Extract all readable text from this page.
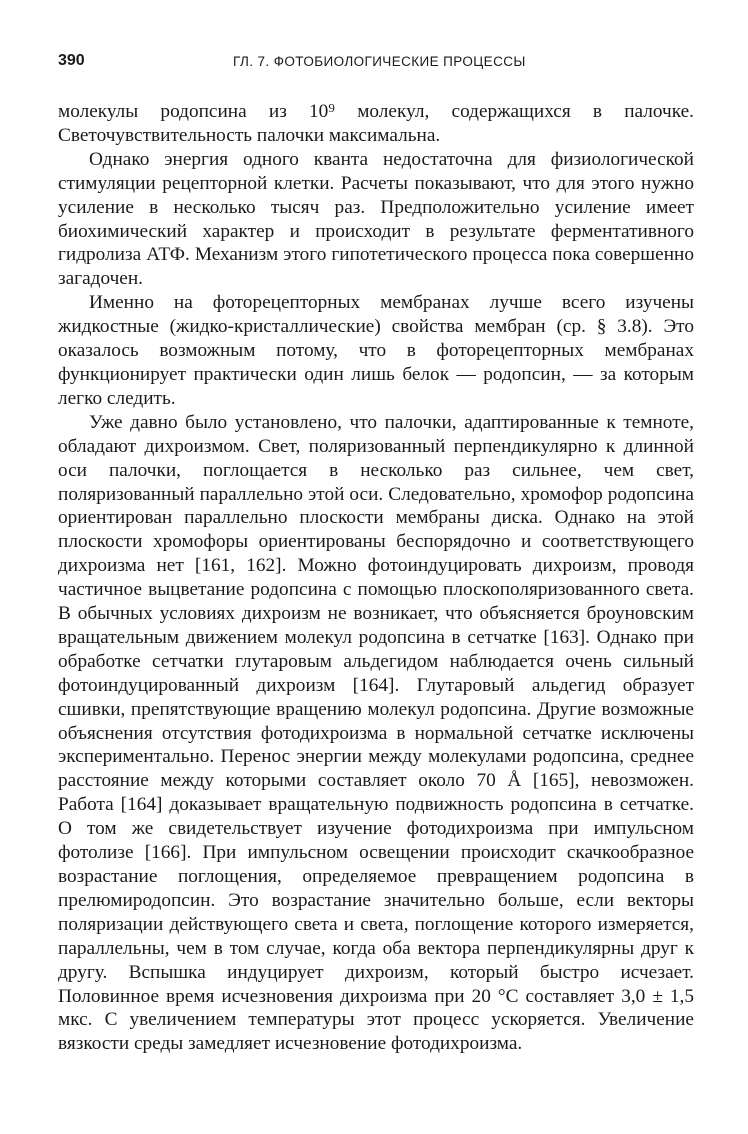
390	ГЛ. 7. ФОТОБИОЛОГИЧЕСКИЕ ПРОЦЕССЫ

молекулы родопсина из 10⁹ молекул, содержащихся в палочке. Светочувствительность палочки максимальна.

Однако энергия одного кванта недостаточна для физиологической стимуляции рецепторной клетки. Расчеты показывают, что для этого нужно усиление в несколько тысяч раз. Предположительно усиление имеет биохимический характер и происходит в результате ферментативного гидролиза АТФ. Механизм этого гипотетического процесса пока совершенно загадочен.

Именно на фоторецепторных мембранах лучше всего изучены жидкостные (жидко-кристаллические) свойства мембран (ср. § 3.8). Это оказалось возможным потому, что в фоторецепторных мембранах функционирует практически один лишь белок — родопсин, — за которым легко следить.

Уже давно было установлено, что палочки, адаптированные к темноте, обладают дихроизмом. Свет, поляризованный перпендикулярно к длинной оси палочки, поглощается в несколько раз сильнее, чем свет, поляризованный параллельно этой оси. Следовательно, хромофор родопсина ориентирован параллельно плоскости мембраны диска. Однако на этой плоскости хромофоры ориентированы беспорядочно и соответствующего дихроизма нет [161, 162]. Можно фотоиндуцировать дихроизм, проводя частичное выцветание родопсина с помощью плоскополяризованного света. В обычных условиях дихроизм не возникает, что объясняется броуновским вращательным движением молекул родопсина в сетчатке [163]. Однако при обработке сетчатки глутаровым альдегидом наблюдается очень сильный фотоиндуцированный дихроизм [164]. Глутаровый альдегид образует сшивки, препятствующие вращению молекул родопсина. Другие возможные объяснения отсутствия фотодихроизма в нормальной сетчатке исключены экспериментально. Перенос энергии между молекулами родопсина, среднее расстояние между которыми составляет около 70 Å [165], невозможен. Работа [164] доказывает вращательную подвижность родопсина в сетчатке. О том же свидетельствует изучение фотодихроизма при импульсном фотолизе [166]. При импульсном освещении происходит скачкообразное возрастание поглощения, определяемое превращением родопсина в прелюмиродопсин. Это возрастание значительно больше, если векторы поляризации действующего света и света, поглощение которого измеряется, параллельны, чем в том случае, когда оба вектора перпендикулярны друг к другу. Вспышка индуцирует дихроизм, который быстро исчезает. Половинное время исчезновения дихроизма при 20 °C составляет 3,0 ± 1,5 мкс. С увеличением температуры этот процесс ускоряется. Увеличение вязкости среды замедляет исчезновение фотодихроизма.
